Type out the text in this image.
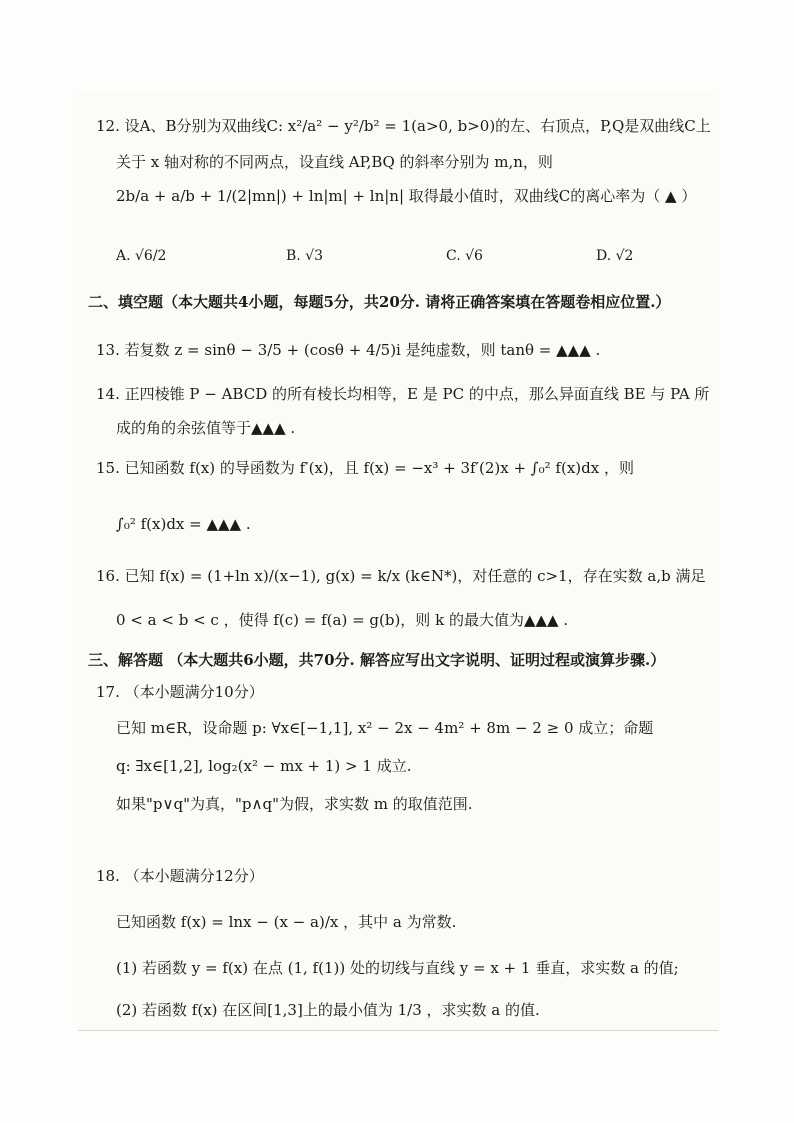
12. 设A、B分别为双曲线C: x²/a² − y²/b² = 1(a>0, b>0)的左、右顶点，P,Q是双曲线C上
关于 x 轴对称的不同两点，设直线 AP,BQ 的斜率分别为 m,n，则
2b/a + a/b + 1/(2|mn|) + ln|m| + ln|n| 取得最小值时，双曲线C的离心率为（ ▲ ）
A. √6/2	B. √3	C. √6	D. √2
二、填空题（本大题共4小题，每题5分，共20分. 请将正确答案填在答题卷相应位置.）
13. 若复数 z = sinθ − 3/5 + (cosθ + 4/5)i 是纯虚数，则 tanθ = ▲▲▲ .
14. 正四棱锥 P − ABCD 的所有棱长均相等，E 是 PC 的中点，那么异面直线 BE 与 PA 所
成的角的余弦值等于▲▲▲ .
15. 已知函数 f(x) 的导函数为 f′(x)，且 f(x) = −x³ + 3f′(2)x + ∫₀² f(x)dx ，则
∫₀² f(x)dx = ▲▲▲ .
16. 已知 f(x) = (1+ln x)/(x−1), g(x) = k/x (k∈N*)，对任意的 c>1，存在实数 a,b 满足
0 < a < b < c ，使得 f(c) = f(a) = g(b)，则 k 的最大值为▲▲▲ .
三、解答题 （本大题共6小题，共70分. 解答应写出文字说明、证明过程或演算步骤.）
17. （本小题满分10分）
已知 m∈R，设命题 p: ∀x∈[−1,1], x² − 2x − 4m² + 8m − 2 ≥ 0 成立；命题
q: ∃x∈[1,2], log₂(x² − mx + 1) > 1 成立.
如果"p∨q"为真，"p∧q"为假，求实数 m 的取值范围.
18. （本小题满分12分）
已知函数 f(x) = lnx − (x − a)/x ，其中 a 为常数.
(1) 若函数 y = f(x) 在点 (1, f(1)) 处的切线与直线 y = x + 1 垂直，求实数 a 的值;
(2) 若函数 f(x) 在区间[1,3]上的最小值为 1/3 ，求实数 a 的值.
